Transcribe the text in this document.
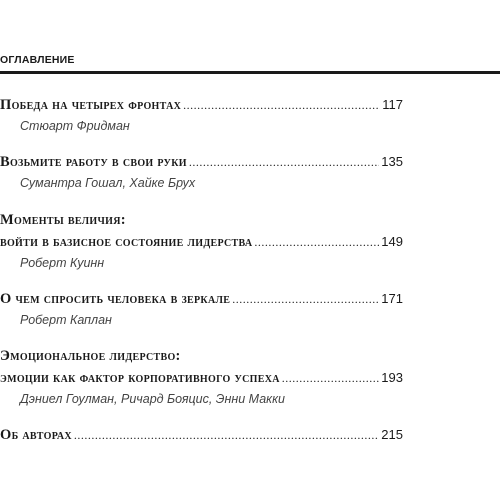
ОГЛАВЛЕНИЕ
Победа на четырех фронтах .....	117
Стюарт Фридман
Возьмите работу в свои руки .....	135
Сумантра Гошал, Хайке Брух
Моменты величия:
войти в базисное состояние лидерства .....	149
Роберт Куинн
О чем спросить человека в зеркале .....	171
Роберт Каплан
Эмоциональное лидерство:
эмоции как фактор корпоративного успеха .....	193
Дэниел Гоулман, Ричард Бояцис, Энни Макки
Об авторах .....	215
